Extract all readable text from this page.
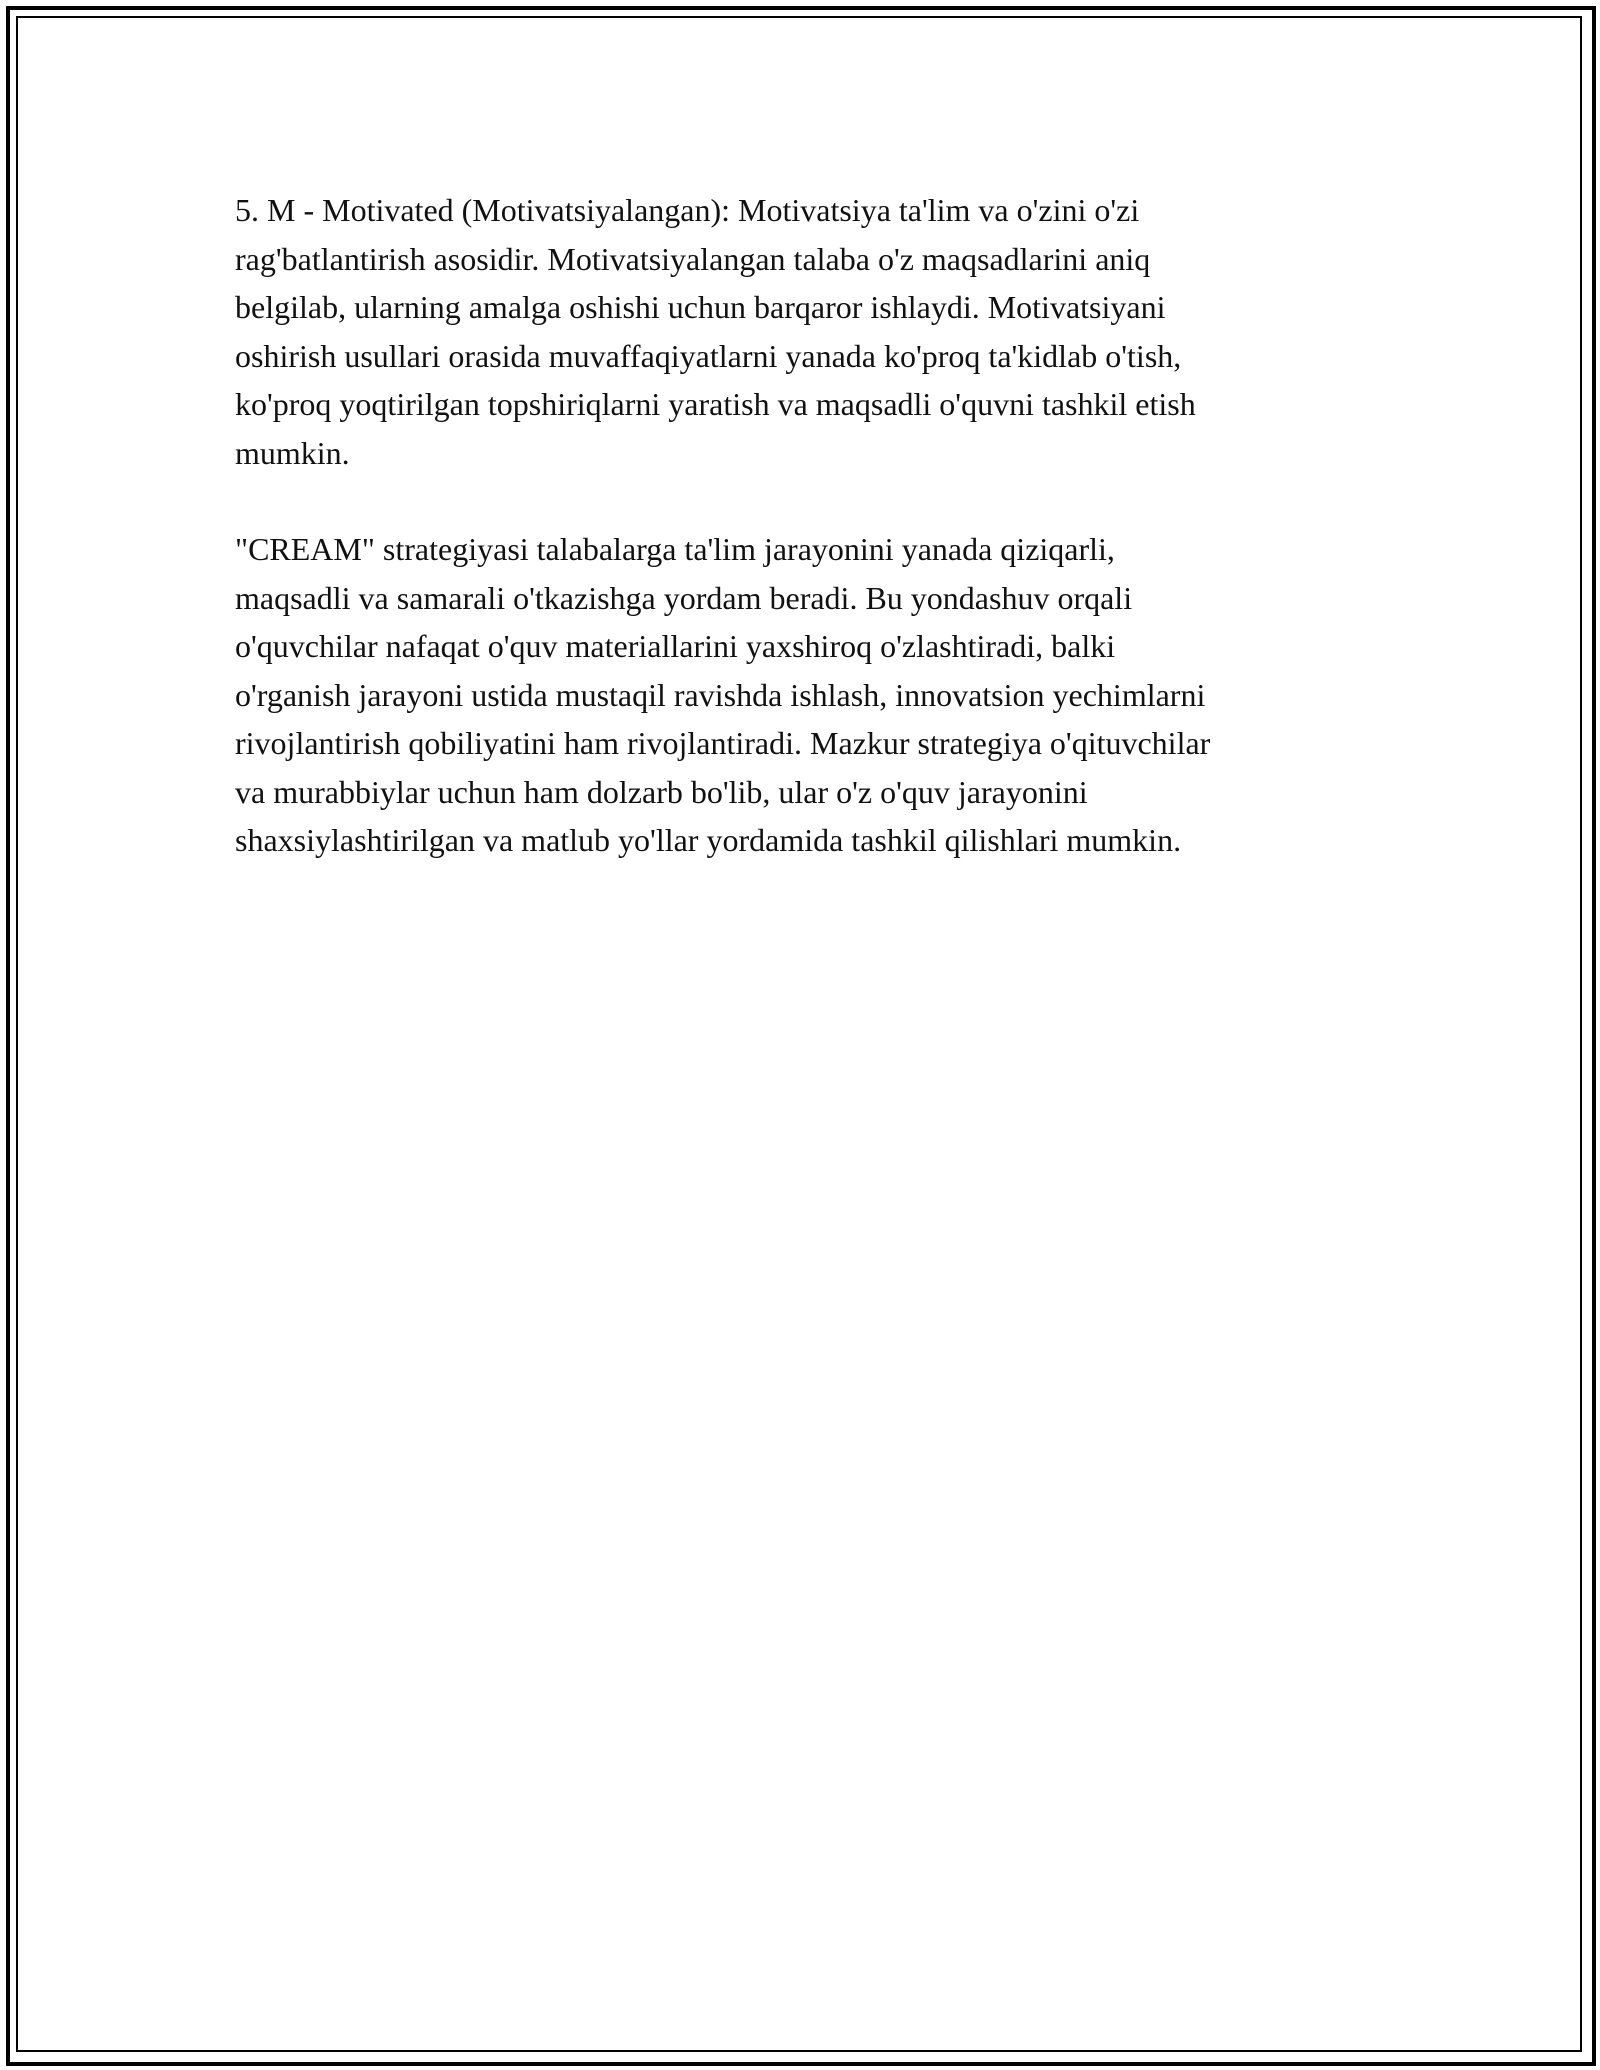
5. M - Motivated (Motivatsiyalangan): Motivatsiya ta'lim va o'zini o'zi
rag'batlantirish asosidir. Motivatsiyalangan talaba o'z maqsadlarini aniq
belgilab, ularning amalga oshishi uchun barqaror ishlaydi. Motivatsiyani
oshirish usullari orasida muvaffaqiyatlarni yanada ko'proq ta'kidlab o'tish,
ko'proq yoqtirilgan topshiriqlarni yaratish va maqsadli o'quvni tashkil etish
mumkin.

"CREAM" strategiyasi talabalarga ta'lim jarayonini yanada qiziqarli,
maqsadli va samarali o'tkazishga yordam beradi. Bu yondashuv orqali
o'quvchilar nafaqat o'quv materiallarini yaxshiroq o'zlashtiradi, balki
o'rganish jarayoni ustida mustaqil ravishda ishlash, innovatsion yechimlarni
rivojlantirish qobiliyatini ham rivojlantiradi. Mazkur strategiya o'qituvchilar
va murabbiylar uchun ham dolzarb bo'lib, ular o'z o'quv jarayonini
shaxsiylashtirilgan va matlub yo'llar yordamida tashkil qilishlari mumkin.
